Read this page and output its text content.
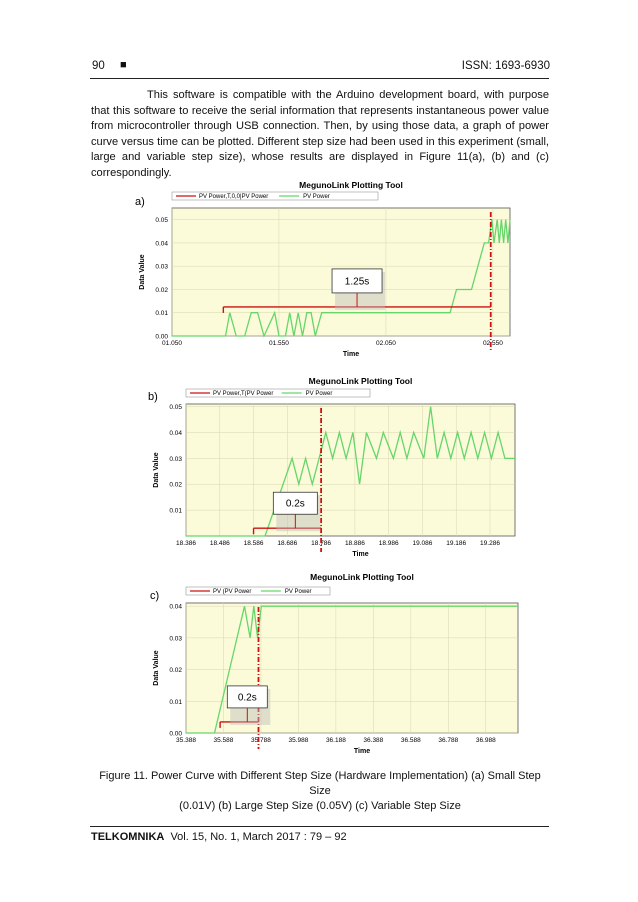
90 ■	ISSN: 1693-6930

This software is compatible with the Arduino development board, with purpose that this software to receive the serial information that represents instantaneous power value from microcontroller through USB connection. Then, by using those data, a graph of power curve versus time can be plotted. Different step size had been used in this experiment (small, large and variable step size), whose results are displayed in Figure 11(a), (b) and (c) correspondingly.

MegunoLink Plotting Tool
a)	PV Power,T,0,0|PV Power	PV Power
0.00
0.01
0.02
0.03
0.04
0.05
01.050	01.550	02.050	02.550
Time
Data Value	1.25s
MegunoLink Plotting Tool
b)	PV Power,T(PV Power	PV Power
0.01
0.02
0.03
0.04
0.05
18.386 18.486 18.586 18.686 18.786 18.886 18.986 19.086 19.186 19.286
Time
Data Value
0.2s
MegunoLink Plotting Tool
c)	PV (PV Power	PV Power
0.00
0.01
0.02
0.03
0.04
35.388	35.588	35.788	35.988	36.188	36.388	36.588	36.788	36.988
Time
Data Value
0.2s
Figure 11. Power Curve with Different Step Size (Hardware Implementation) (a) Small Step Size
(0.01V) (b) Large Step Size (0.05V) (c) Variable Step Size
TELKOMNIKA Vol. 15, No. 1, March 2017 : 79 – 92
